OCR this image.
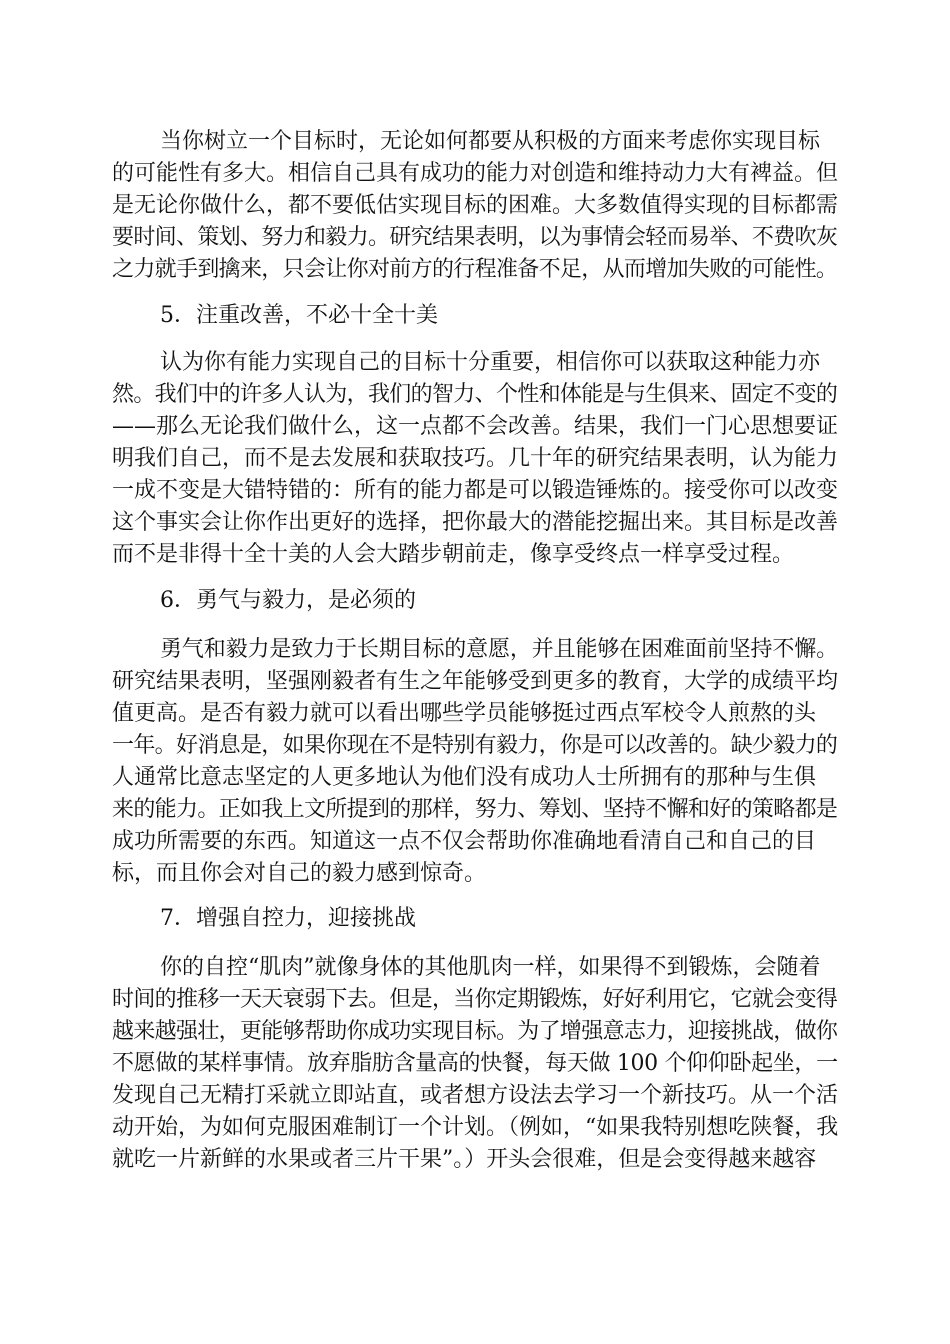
当你树立一个目标时，无论如何都要从积极的方面来考虑你实现目标
的可能性有多大。相信自己具有成功的能力对创造和维持动力大有裨益。但
是无论你做什么，都不要低估实现目标的困难。大多数值得实现的目标都需
要时间、策划、努力和毅力。研究结果表明，以为事情会轻而易举、不费吹灰
之力就手到擒来，只会让你对前方的行程准备不足，从而增加失败的可能性。
5．注重改善，不必十全十美
认为你有能力实现自己的目标十分重要，相信你可以获取这种能力亦
然。我们中的许多人认为，我们的智力、个性和体能是与生俱来、固定不变的
——那么无论我们做什么，这一点都不会改善。结果，我们一门心思想要证
明我们自己，而不是去发展和获取技巧。几十年的研究结果表明，认为能力
一成不变是大错特错的：所有的能力都是可以锻造锤炼的。接受你可以改变
这个事实会让你作出更好的选择，把你最大的潜能挖掘出来。其目标是改善
而不是非得十全十美的人会大踏步朝前走，像享受终点一样享受过程。
6．勇气与毅力，是必须的
勇气和毅力是致力于长期目标的意愿，并且能够在困难面前坚持不懈。
研究结果表明，坚强刚毅者有生之年能够受到更多的教育，大学的成绩平均
值更高。是否有毅力就可以看出哪些学员能够挺过西点军校令人煎熬的头
一年。好消息是，如果你现在不是特别有毅力，你是可以改善的。缺少毅力的
人通常比意志坚定的人更多地认为他们没有成功人士所拥有的那种与生俱
来的能力。正如我上文所提到的那样，努力、筹划、坚持不懈和好的策略都是
成功所需要的东西。知道这一点不仅会帮助你准确地看清自己和自己的目
标，而且你会对自己的毅力感到惊奇。
7．增强自控力，迎接挑战
你的自控“肌肉”就像身体的其他肌肉一样，如果得不到锻炼，会随着
时间的推移一天天衰弱下去。但是，当你定期锻炼，好好利用它，它就会变得
越来越强壮，更能够帮助你成功实现目标。为了增强意志力，迎接挑战，做你
不愿做的某样事情。放弃脂肪含量高的快餐，每天做 100 个仰仰卧起坐，一
发现自己无精打采就立即站直，或者想方设法去学习一个新技巧。从一个活
动开始，为如何克服困难制订一个计划。（例如，“如果我特别想吃陕餐，我
就吃一片新鲜的水果或者三片干果”。）开头会很难，但是会变得越来越容
